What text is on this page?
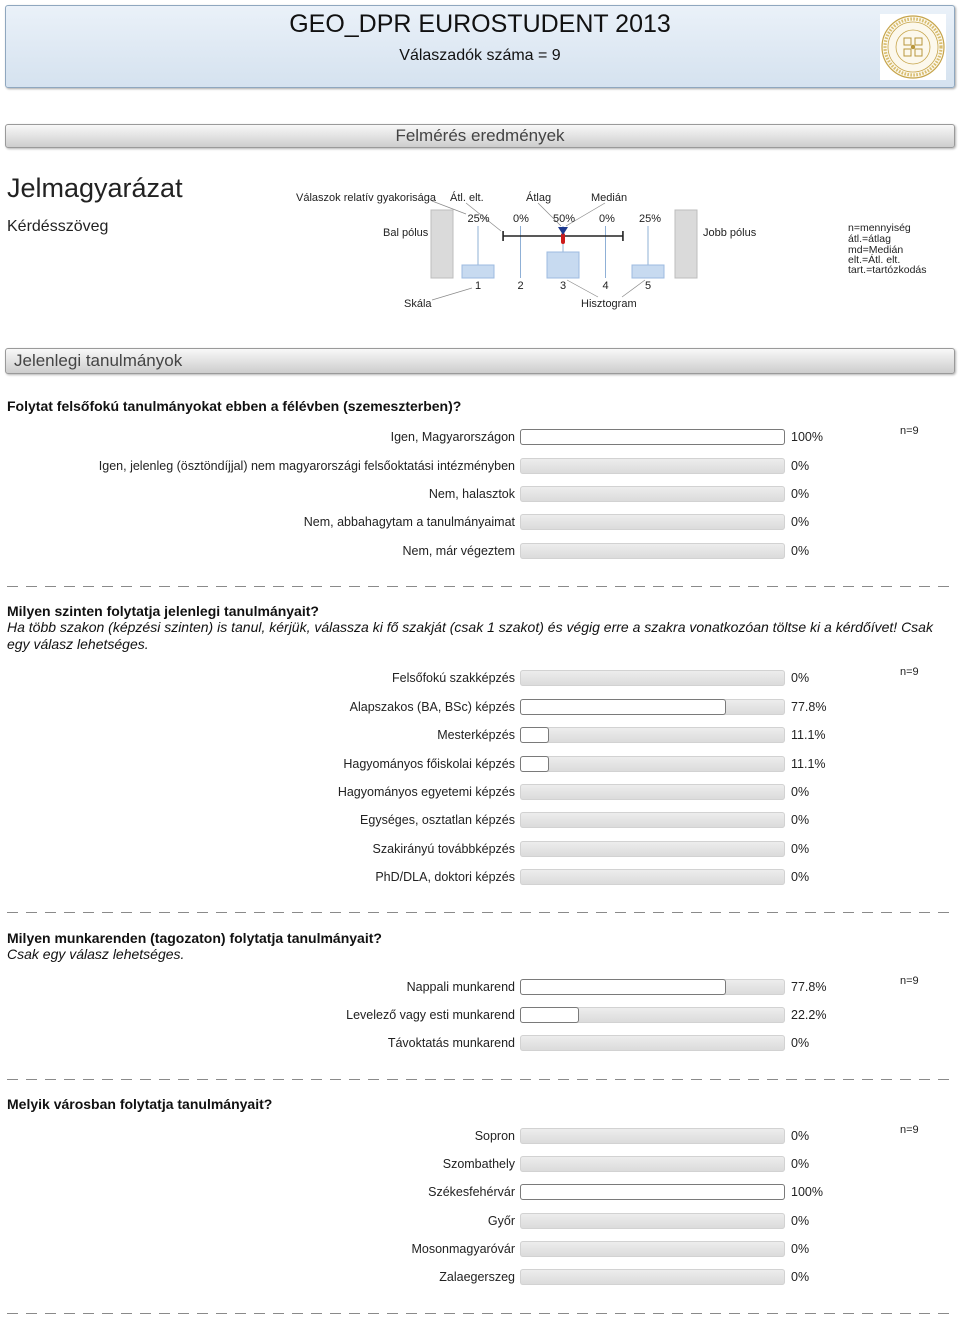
GEO_DPR EUROSTUDENT 2013
Válaszadók száma = 9
Felmérés eredmények
Jelmagyarázat
Kérdésszöveg
Válaszok relatív gyakorisága Átl. elt.	Átlag	Medián
25% 0% 50% 0% 25%
Bal pólus	Jobb pólus
1	2	3	4	5
Skála	Hisztogram
n=mennyiség
átl.=átlag
md=Medián
elt.=Átl. elt.
tart.=tartózkodás
Jelenlegi tanulmányok
Folytat felsőfokú tanulmányokat ebben a félévben (szemeszterben)?
n=9
Igen, Magyarországon	100%
Igen, jelenleg (ösztöndíjjal) nem magyarországi felsőoktatási intézményben	0%
Nem, halasztok	0%
Nem, abbahagytam a tanulmányaimat	0%
Nem, már végeztem	0%
Milyen szinten folytatja jelenlegi tanulmányait?
Ha több szakon (képzési szinten) is tanul, kérjük, válassza ki fő szakját (csak 1 szakot) és végig erre a szakra vonatkozóan töltse ki a kérdőívet! Csak egy válasz lehetséges.
n=9
Felsőfokú szakképzés	0%
Alapszakos (BA, BSc) képzés	77.8%
Mesterképzés	11.1%
Hagyományos főiskolai képzés	11.1%
Hagyományos egyetemi képzés	0%
Egységes, osztatlan képzés	0%
Szakirányú továbbképzés	0%
PhD/DLA, doktori képzés	0%
Milyen munkarenden (tagozaton) folytatja tanulmányait?
Csak egy válasz lehetséges.
n=9
Nappali munkarend	77.8%
Levelező vagy esti munkarend	22.2%
Távoktatás munkarend	0%
Melyik városban folytatja tanulmányait?
n=9
Sopron	0%
Szombathely	0%
Székesfehérvár	100%
Győr	0%
Mosonmagyaróvár	0%
Zalaegerszeg	0%
